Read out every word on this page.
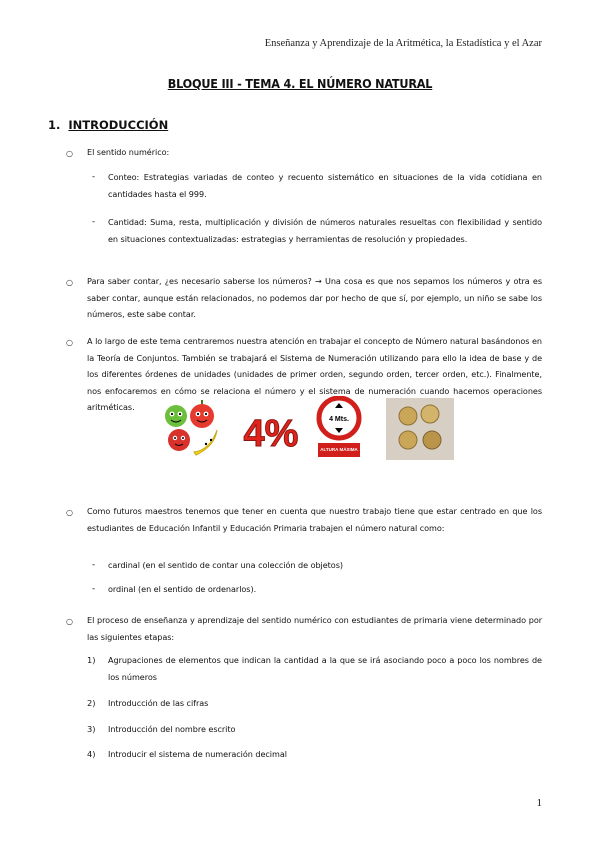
Enseñanza y Aprendizaje de la Aritmética, la Estadística y el Azar
BLOQUE III - TEMA 4. EL NÚMERO NATURAL
1. INTRODUCCIÓN
○ El sentido numérico:
- Conteo: Estrategias variadas de conteo y recuento sistemático en situaciones de la vida cotidiana en cantidades hasta el 999.
- Cantidad: Suma, resta, multiplicación y división de números naturales resueltas con flexibilidad y sentido en situaciones contextualizadas: estrategias y herramientas de resolución y propiedades.
○ Para saber contar, ¿es necesario saberse los números? → Una cosa es que nos sepamos los números y otra es saber contar, aunque están relacionados, no podemos dar por hecho de que sí, por ejemplo, un niño se sabe los números, este sabe contar.
○ A lo largo de este tema centraremos nuestra atención en trabajar el concepto de Número natural basándonos en la Teoría de Conjuntos. También se trabajará el Sistema de Numeración utilizando para ello la idea de base y de los diferentes órdenes de unidades (unidades de primer orden, segundo orden, tercer orden, etc.). Finalmente, nos enfocaremos en cómo se relaciona el número y el sistema de numeración cuando hacemos operaciones aritméticas.
4%	4 Mts.
ALTURA MÁXIMA
○ Como futuros maestros tenemos que tener en cuenta que nuestro trabajo tiene que estar centrado en que los estudiantes de Educación Infantil y Educación Primaria trabajen el número natural como:
- cardinal (en el sentido de contar una colección de objetos)
- ordinal (en el sentido de ordenarlos).
○ El proceso de enseñanza y aprendizaje del sentido numérico con estudiantes de primaria viene determinado por las siguientes etapas:
1) Agrupaciones de elementos que indican la cantidad a la que se irá asociando poco a poco los nombres de los números
2) Introducción de las cifras
3) Introducción del nombre escrito
4) Introducir el sistema de numeración decimal
1
